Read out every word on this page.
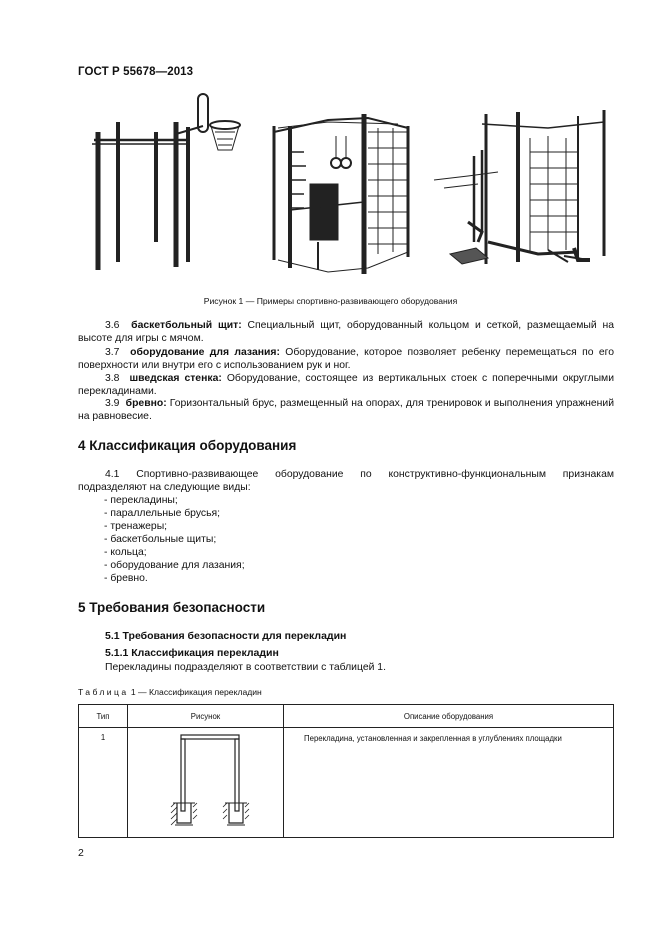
ГОСТ Р 55678—2013
Рисунок 1 — Примеры спортивно-развивающего оборудования
3.6 баскетбольный щит: Специальный щит, оборудованный кольцом и сеткой, размещаемый на высоте для игры с мячом.
3.7 оборудование для лазания: Оборудование, которое позволяет ребенку перемещаться по его поверхности или внутри его с использованием рук и ног.
3.8 шведская стенка: Оборудование, состоящее из вертикальных стоек с поперечными округлыми перекладинами.
3.9 бревно: Горизонтальный брус, размещенный на опорах, для тренировок и выполнения упражнений на равновесие.
4 Классификация оборудования
4.1 Спортивно-развивающее оборудование по конструктивно-функциональным признакам подразделяют на следующие виды:
- перекладины;
- параллельные брусья;
- тренажеры;
- баскетбольные щиты;
- кольца;
- оборудование для лазания;
- бревно.
5 Требования безопасности
5.1 Требования безопасности для перекладин
5.1.1 Классификация перекладин
Перекладины подразделяют в соответствии с таблицей 1.
Таблица 1 — Классификация перекладин
Тип	Рисунок	Описание оборудования
1		Перекладина, установленная и закрепленная в углублениях площадки
2
